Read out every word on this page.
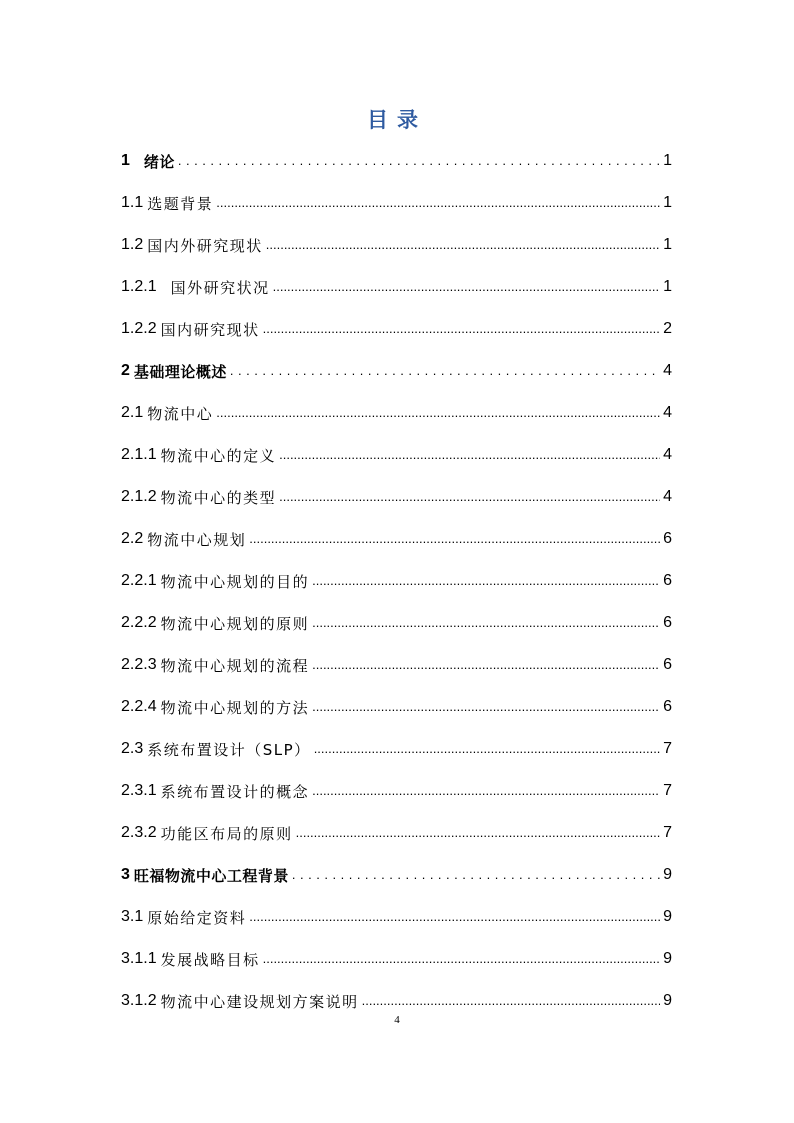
目录
1 绪论 .....	1
1.1 选题背景 .....	1
1.2 国内外研究现状 .....	1
1.2.1 国外研究状况 .....	1
1.2.2 国内研究现状 .....	2
2 基础理论概述 .....	4
2.1 物流中心 .....	4
2.1.1 物流中心的定义 .....	4
2.1.2 物流中心的类型 .....	4
2.2 物流中心规划 .....	6
2.2.1 物流中心规划的目的 .....	6
2.2.2 物流中心规划的原则 .....	6
2.2.3 物流中心规划的流程 .....	6
2.2.4 物流中心规划的方法 .....	6
2.3 系统布置设计（SLP） .....	7
2.3.1 系统布置设计的概念 .....	7
2.3.2 功能区布局的原则 .....	7
3 旺福物流中心工程背景 .....	9
3.1 原始给定资料 .....	9
3.1.1 发展战略目标 .....	9
3.1.2 物流中心建设规划方案说明 .....	9
4
